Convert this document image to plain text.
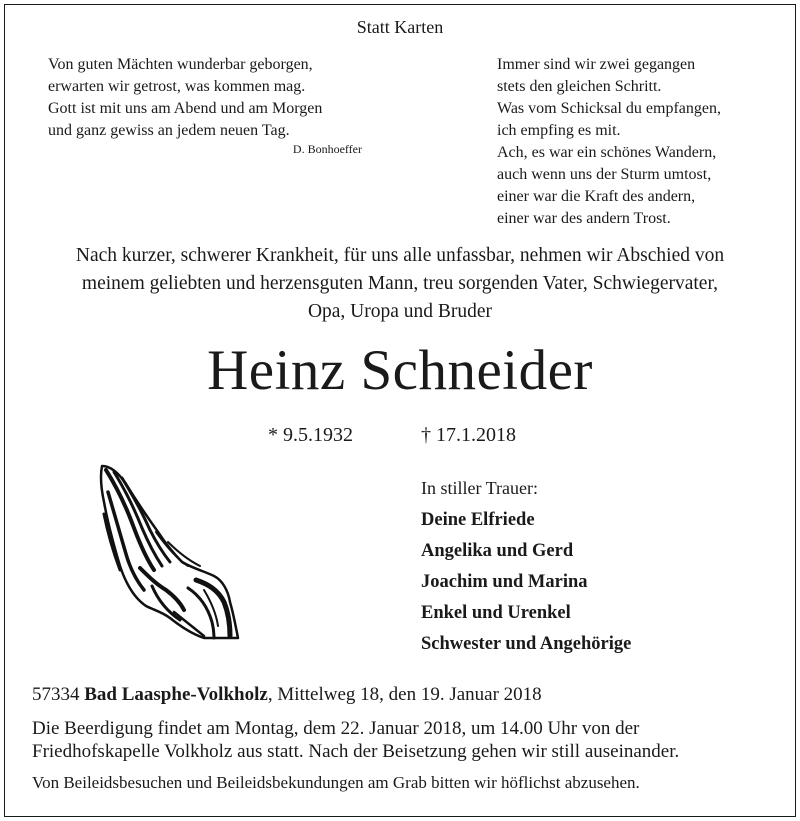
Statt Karten
Von guten Mächten wunderbar geborgen,
erwarten wir getrost, was kommen mag.
Gott ist mit uns am Abend und am Morgen
und ganz gewiss an jedem neuen Tag.
D. Bonhoeffer
Immer sind wir zwei gegangen
stets den gleichen Schritt.
Was vom Schicksal du empfangen,
ich empfing es mit.
Ach, es war ein schönes Wandern,
auch wenn uns der Sturm umtost,
einer war die Kraft des andern,
einer war des andern Trost.
Nach kurzer, schwerer Krankheit, für uns alle unfassbar, nehmen wir Abschied von
meinem geliebten und herzensguten Mann, treu sorgenden Vater, Schwiegervater,
Opa, Uropa und Bruder
Heinz Schneider
* 9.5.1932	† 17.1.2018
In stiller Trauer:
Deine Elfriede
Angelika und Gerd
Joachim und Marina
Enkel und Urenkel
Schwester und Angehörige
57334 Bad Laasphe-Volkholz, Mittelweg 18, den 19. Januar 2018
Die Beerdigung findet am Montag, dem 22. Januar 2018, um 14.00 Uhr von der
Friedhofskapelle Volkholz aus statt. Nach der Beisetzung gehen wir still auseinander.
Von Beileidsbesuchen und Beileidsbekundungen am Grab bitten wir höflichst abzusehen.
